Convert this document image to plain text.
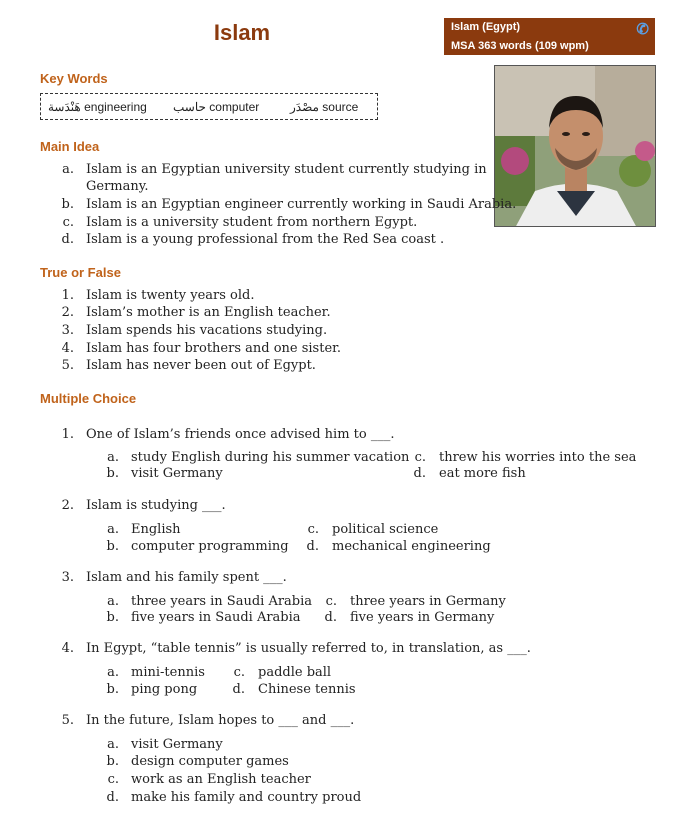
Islam	Islam (Egypt)
MSA 363 words (109 wpm)
✆
Key Words
هَنْدَسة engineering حاسب computer	مصْدَر source
Main Idea
a. Islam is an Egyptian university student currently studying in
Germany.
b. Islam is an Egyptian engineer currently working in Saudi Arabia.
c. Islam is a university student from northern Egypt.
d. Islam is a young professional from the Red Sea coast .
True or False
1. Islam is twenty years old.
2. Islam’s mother is an English teacher.
3. Islam spends his vacations studying.
4. Islam has four brothers and one sister.
5. Islam has never been out of Egypt.
Multiple Choice
1. One of Islam’s friends once advised him to ___.
a. study English during his summer vacation
b. visit Germany
c. threw his worries into the sea
d. eat more fish
2. Islam is studying ___.
a. English
b. computer programming
c. political science
d. mechanical engineering
3. Islam and his family spent ___.
a. three years in Saudi Arabia
b. five years in Saudi Arabia
c. three years in Germany
d. five years in Germany
4. In Egypt, “table tennis” is usually referred to, in translation, as ___.
a. mini-tennis
b. ping pong
c. paddle ball
d. Chinese tennis
5. In the future, Islam hopes to ___ and ___.
a. visit Germany
b. design computer games
c. work as an English teacher
d. make his family and country proud
